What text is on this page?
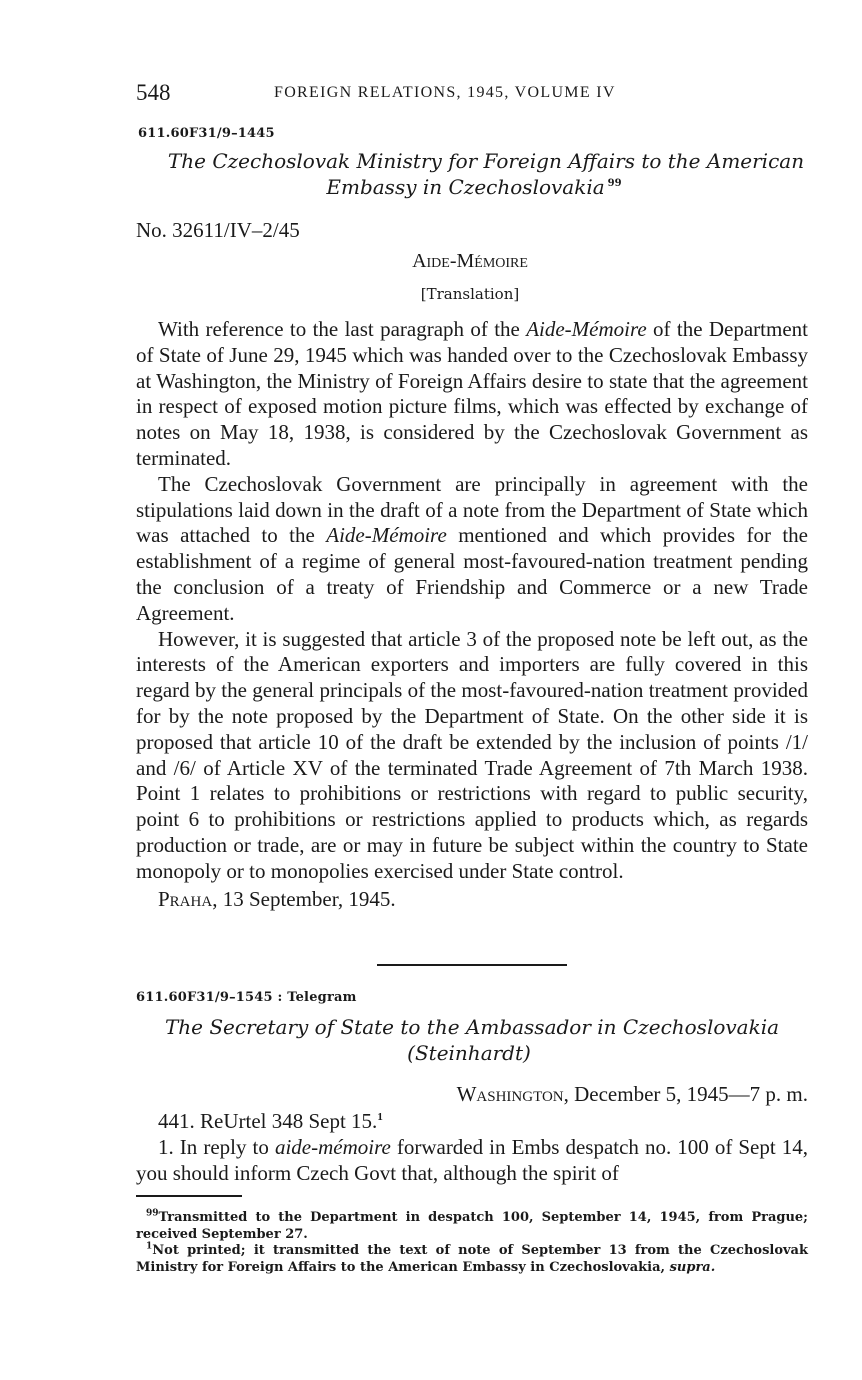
548	FOREIGN RELATIONS, 1945, VOLUME IV
611.60F31/9–1445
The Czechoslovak Ministry for Foreign Affairs to the American
Embassy in Czechoslovakia $^{99}$
No. 32611/IV–2/45
Aide-Mémoire
[Translation]

With reference to the last paragraph of the Aide-Mémoire of the Department of State of June 29, 1945 which was handed over to the Czechoslovak Embassy at Washington, the Ministry of Foreign Affairs desire to state that the agreement in respect of exposed motion picture films, which was effected by exchange of notes on May 18, 1938, is considered by the Czechoslovak Government as terminated.

The Czechoslovak Government are principally in agreement with the stipulations laid down in the draft of a note from the Department of State which was attached to the Aide-Mémoire mentioned and which provides for the establishment of a regime of general most-favoured-nation treatment pending the conclusion of a treaty of Friendship and Commerce or a new Trade Agreement.

However, it is suggested that article 3 of the proposed note be left out, as the interests of the American exporters and importers are fully covered in this regard by the general principals of the most-favoured-nation treatment provided for by the note proposed by the Department of State. On the other side it is proposed that article 10 of the draft be extended by the inclusion of points /1/ and /6/ of Article XV of the terminated Trade Agreement of 7th March 1938. Point 1 relates to prohibitions or restrictions with regard to public security, point 6 to prohibitions or restrictions applied to products which, as regards production or trade, are or may in future be subject within the country to State monopoly or to monopolies exercised under State control.

Praha, 13 September, 1945.

611.60F31/9–1545 : Telegram
The Secretary of State to the Ambassador in Czechoslovakia
(Steinhardt)
Washington, December 5, 1945—7 p. m.

441. ReUrtel 348 Sept 15.$^1$

1. In reply to aide-mémoire forwarded in Embs despatch no. 100 of Sept 14, you should inform Czech Govt that, although the spirit of

$^{99}$Transmitted to the Department in despatch 100, September 14, 1945, from Prague; received September 27.

$^1$Not printed; it transmitted the text of note of September 13 from the Czechoslovak Ministry for Foreign Affairs to the American Embassy in Czechoslovakia, supra.
